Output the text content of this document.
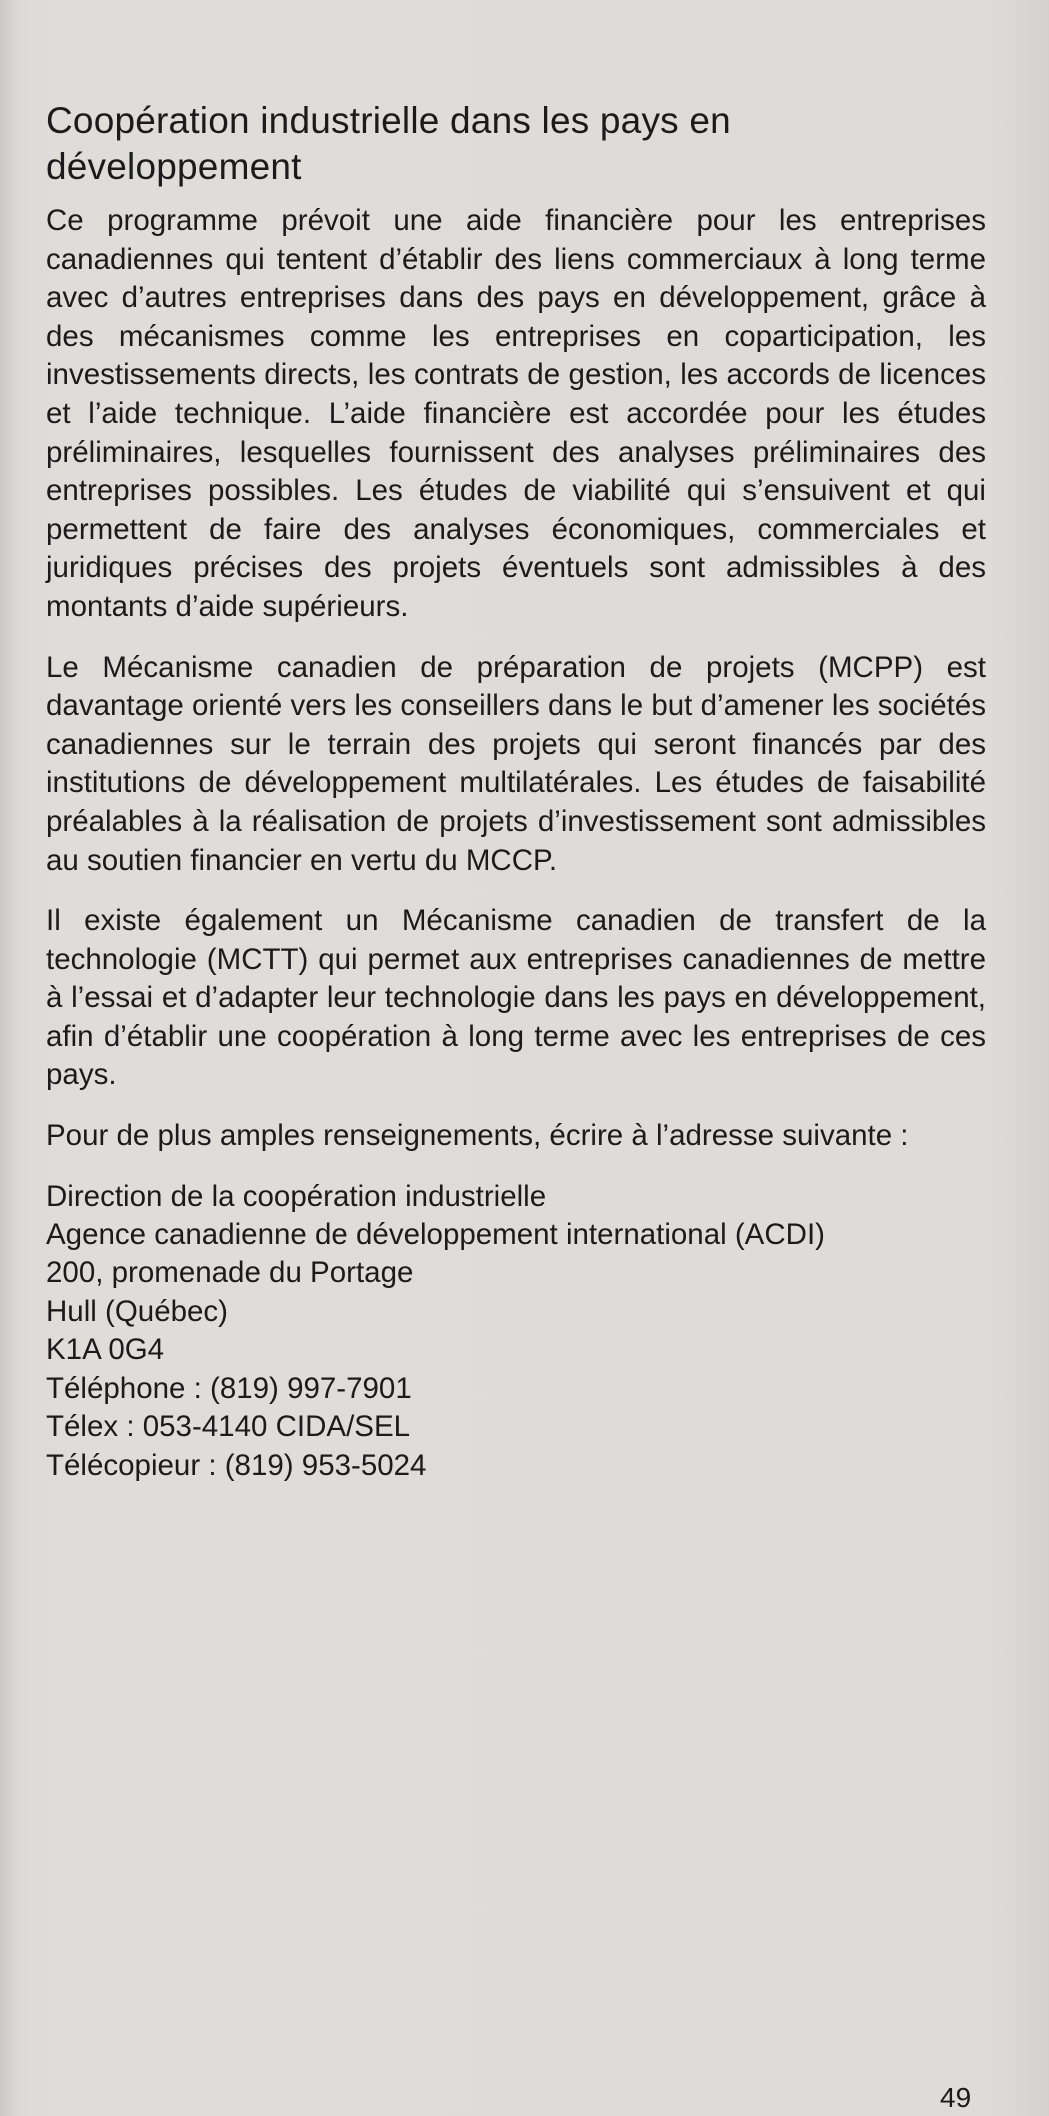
Coopération industrielle dans les pays en développement

Ce programme prévoit une aide financière pour les entreprises canadiennes qui tentent d’établir des liens commerciaux à long terme avec d’autres entreprises dans des pays en développement, grâce à des mécanismes comme les entreprises en coparticipation, les investissements directs, les contrats de gestion, les accords de licences et l’aide technique. L’aide financière est accordée pour les études préliminaires, lesquelles fournissent des analyses préliminaires des entreprises possibles. Les études de viabilité qui s’ensuivent et qui permettent de faire des analyses économiques, commerciales et juridiques précises des projets éventuels sont admissibles à des montants d’aide supérieurs.

Le Mécanisme canadien de préparation de projets (MCPP) est davantage orienté vers les conseillers dans le but d’amener les sociétés canadiennes sur le terrain des projets qui seront financés par des institutions de développement multilatérales. Les études de faisabilité préalables à la réalisation de projets d’investissement sont admissibles au soutien financier en vertu du MCCP.

Il existe également un Mécanisme canadien de transfert de la technologie (MCTT) qui permet aux entreprises canadiennes de mettre à l’essai et d’adapter leur technologie dans les pays en développement, afin d’établir une coopération à long terme avec les entreprises de ces pays.

Pour de plus amples renseignements, écrire à l’adresse suivante :

Direction de la coopération industrielle
Agence canadienne de développement international (ACDI)
200, promenade du Portage
Hull (Québec)
K1A 0G4
Téléphone : (819) 997-7901
Télex : 053-4140 CIDA/SEL
Télécopieur : (819) 953-5024

49
